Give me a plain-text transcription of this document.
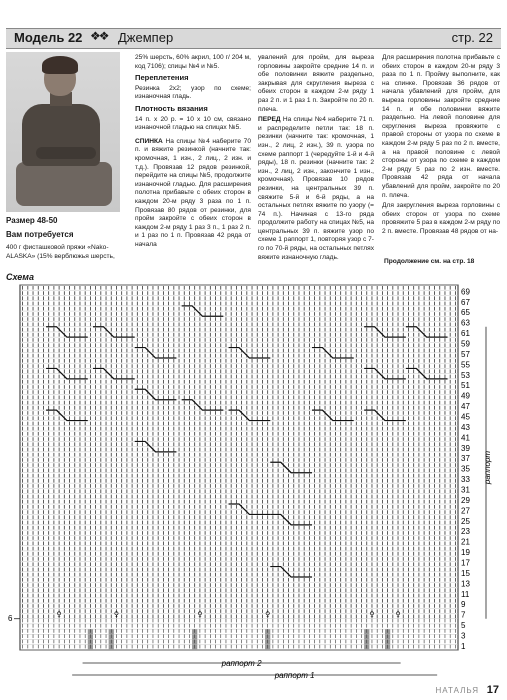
Модель 22 ❖❖ Джемпер	стр. 22
Размер 48-50
Вам потребуется
400 г фисташковой пряжи «Nako-ALASKA» (15% верблюжья шерсть,

25% шерсть, 60% акрил, 100 г/ 204 м, код 7106); спицы №4 и №5.

Переплетения

Резинка 2х2; узор по схеме; изнаночная гладь.

Плотность вязания

14 п. х 20 р. = 10 х 10 см, связано изнаночной гладью на спицах №5.

СПИНКА На спицы №4 наберите 70 п. и вяжите резинкой (начните так: кромочная, 1 изн., 2 лиц., 2 изн. и т.д.). Провязав 12 рядов резинкой, перейдите на спицы №5, продолжите изнаночной гладью. Для расширения полотна прибавьте с обеих сторон в каждом 20-м ряду 3 раза по 1 п. Провязав 80 рядов от резинки, для пройм закройте с обеих сторон в каждом 2-м ряду 1 раз 3 п., 1 раз 2 п. и 1 раз по 1 п. Провязав 42 ряда от начала

увалений для пройм, для выреза горловины закройте средние 14 п. и обе половинки вяжите раздельно, закрывая для скругления выреза с обеих сторон в каждом 2-м ряду 1 раз 2 п. и 1 раз 1 п. Закройте по 20 п. плеча.

ПЕРЕД На спицы №4 наберите 71 п. и распределите петли так: 18 п. резинки (начните так: кромочная, 1 изн., 2 лиц, 2 изн.), 39 п. узора по схеме раппорт 1 (чередуйте 1-й и 4-й ряды), 18 п. резинки (начните так: 2 изн., 2 лиц, 2 изн., закончите 1 изн., кромочная). Провязав 10 рядов резинки, на центральных 39 п. свяжите 5-й и 6-й ряды, а на остальных петлях вяжите по узору (= 74 п.). Начиная с 13-го ряда продолжите работу на спицах №5, на центральных 39 п. вяжите узор по схеме 1 раппорт 1, повторяя узор с 7-го по 70-й ряды, на остальных петлях вяжите изнаночную гладь.

Для расширения полотна прибавьте с обеих сторон в каждом 20-м ряду 3 раза по 1 п. Пройму выполните, как на спинке. Провязав 36 рядов от начала убавлений для пройм, для выреза горловины закройте средние 14 п. и обе половинки вяжите раздельно. На левой половине для скругления выреза провяжите с правой стороны от узора по схеме в каждом 2-м ряду 5 раз по 2 п. вместе, а на правой половине с левой стороны от узора по схеме в каждом 2-м ряду 5 раз по 2 изн. вместе. Провязав 42 ряда от начала убавлений для пройм, закройте по 20 п. плеча.

Для закругления выреза горловины с обеих сторон от узора по схеме провяжите 5 раз в каждом 2-м ряду по 2 п. вместе. Провязав 48 рядов от на-

Продолжение см. на стр. 18
Схема
♀	♀	♀	♀	♀	♀
69
67
65
63
61
59
57
55
53
51
49
47
45
43
41
39
37
35
33
31
29
27
25
23
21
19
17
15
13
11
9
7
5
3
1
раппорт
6
раппорт 2
раппорт 1
НАТАЛЬЯ 17
